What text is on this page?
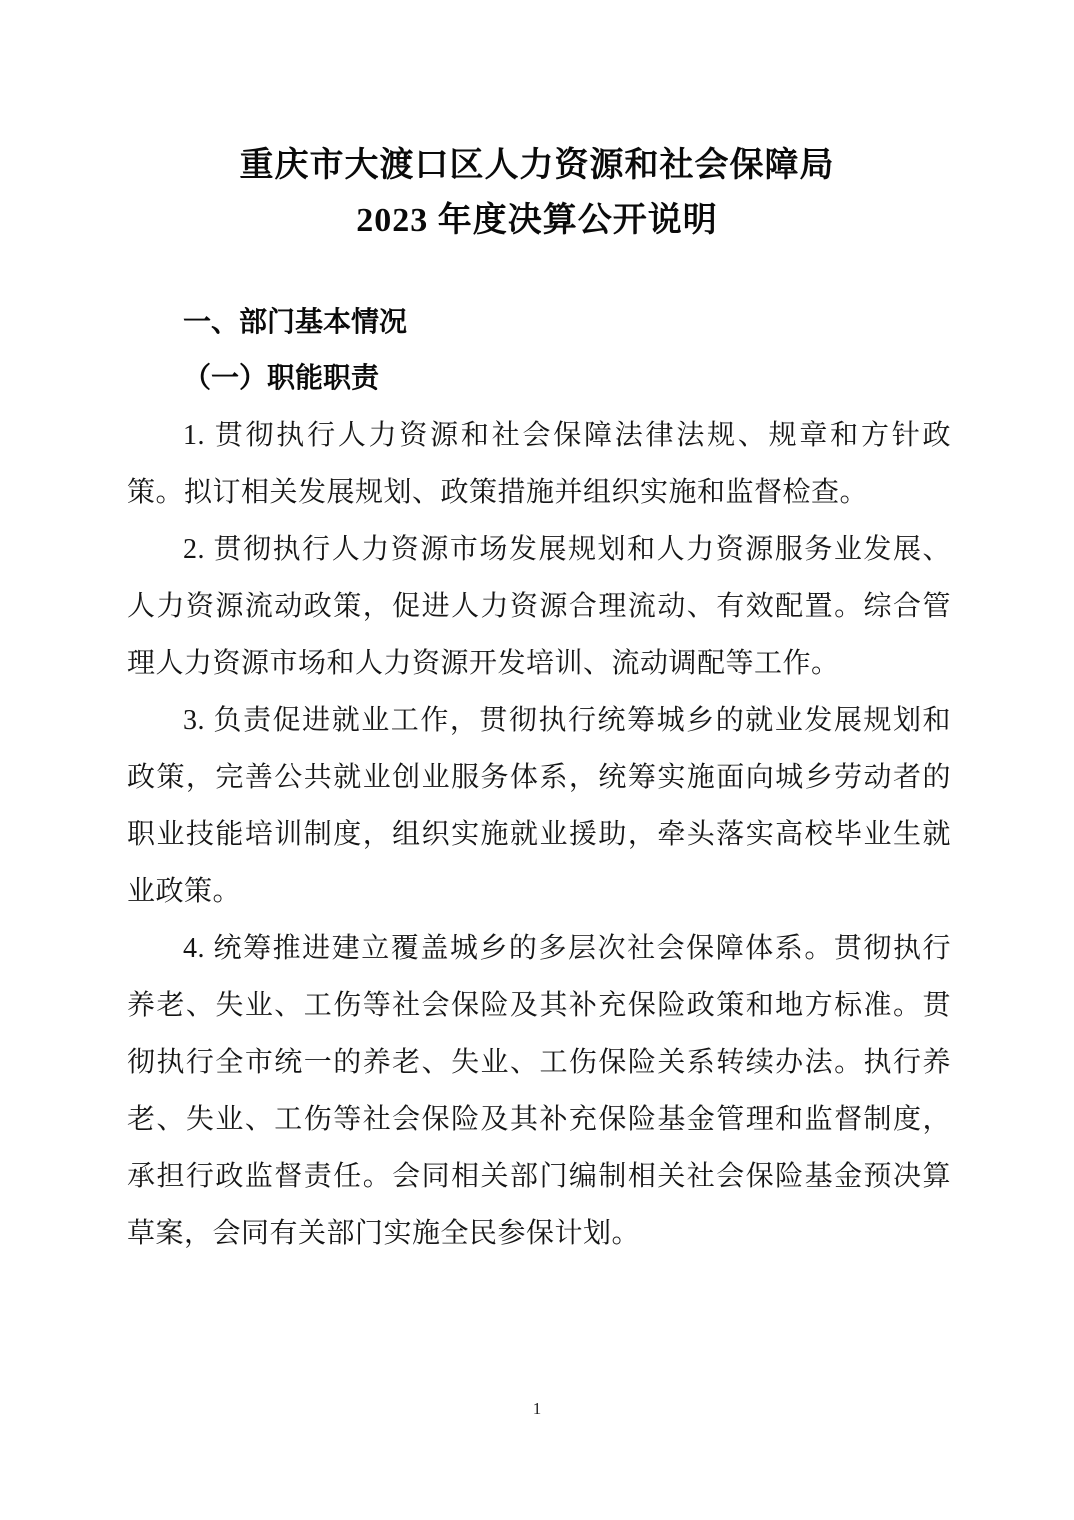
重庆市大渡口区人力资源和社会保障局
2023 年度决算公开说明
一、部门基本情况
（一）职能职责

1. 贯彻执行人力资源和社会保障法律法规、规章和方针政策。拟订相关发展规划、政策措施并组织实施和监督检查。

2. 贯彻执行人力资源市场发展规划和人力资源服务业发展、人力资源流动政策，促进人力资源合理流动、有效配置。综合管理人力资源市场和人力资源开发培训、流动调配等工作。

3. 负责促进就业工作，贯彻执行统筹城乡的就业发展规划和政策，完善公共就业创业服务体系，统筹实施面向城乡劳动者的职业技能培训制度，组织实施就业援助，牵头落实高校毕业生就业政策。

4. 统筹推进建立覆盖城乡的多层次社会保障体系。贯彻执行养老、失业、工伤等社会保险及其补充保险政策和地方标准。贯彻执行全市统一的养老、失业、工伤保险关系转续办法。执行养老、失业、工伤等社会保险及其补充保险基金管理和监督制度，承担行政监督责任。会同相关部门编制相关社会保险基金预决算草案，会同有关部门实施全民参保计划。

1
